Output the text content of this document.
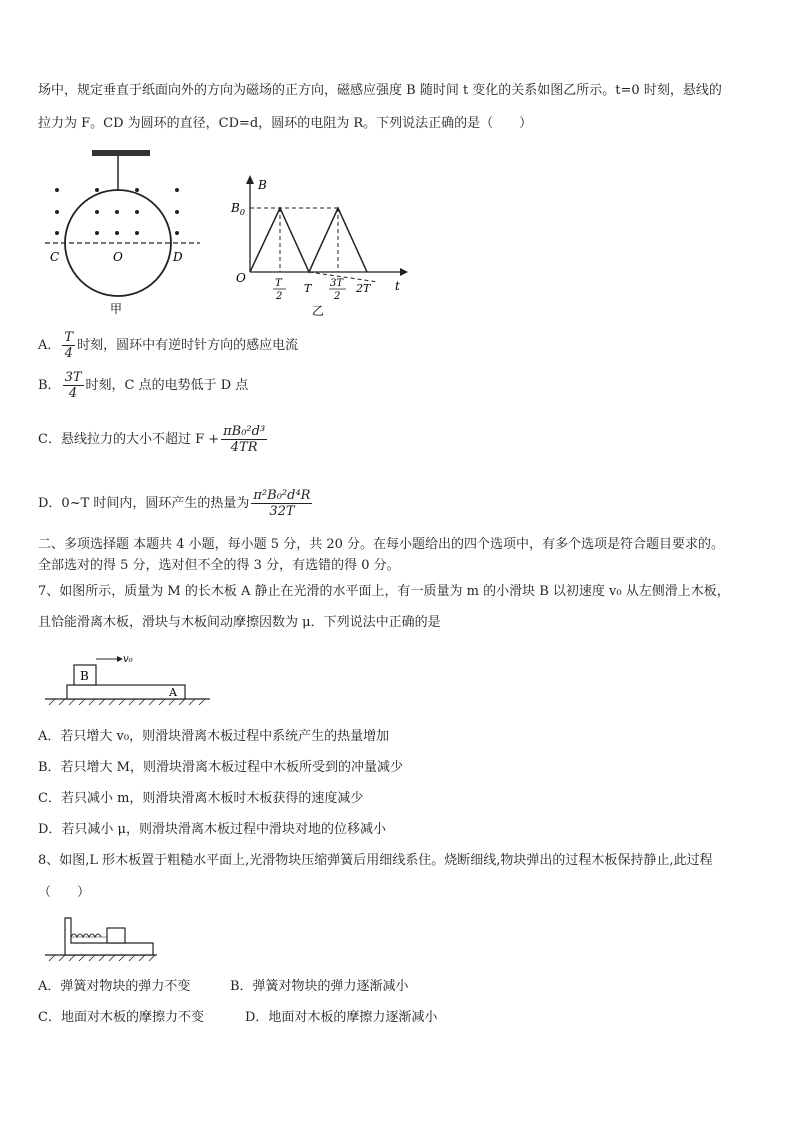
场中，规定垂直于纸面向外的方向为磁场的正方向，磁感应强度 B 随时间 t 变化的关系如图乙所示。t=0 时刻，悬线的
拉力为 F。CD 为圆环的直径，CD=d，圆环的电阻为 R。下列说法正确的是（　　）
C	O	D
甲
B
t
O
$B_0$
T
2
T 3T
2
2T
乙
A． $\frac{T}{4}$ 时刻，圆环中有逆时针方向的感应电流
B． $\frac{3T}{4}$ 时刻，C 点的电势低于 D 点
C．悬线拉力的大小不超过 $F + \frac{\text{πB₀²d³}}{4TR}$
D．0~T 时间内，圆环产生的热量为 $\frac{\text{π²B₀²d⁴R}}{32T}$
二、多项选择题 本题共 4 小题，每小题 5 分，共 20 分。在每小题给出的四个选项中，有多个选项是符合题目要求的。
全部选对的得 5 分，选对但不全的得 3 分，有选错的得 0 分。
7、如图所示，质量为 M 的长木板 A 静止在光滑的水平面上，有一质量为 m 的小滑块 B 以初速度 v₀ 从左侧滑上木板，
且恰能滑离木板，滑块与木板间动摩擦因数为 μ．下列说法中正确的是
B
A
v₀
A．若只增大 v₀，则滑块滑离木板过程中系统产生的热量增加
B．若只增大 M，则滑块滑离木板过程中木板所受到的冲量减少
C．若只减小 m，则滑块滑离木板时木板获得的速度减少
D．若只减小 μ，则滑块滑离木板过程中滑块对地的位移减小
8、如图,L 形木板置于粗糙水平面上,光滑物块压缩弹簧后用细线系住。烧断细线,物块弹出的过程木板保持静止,此过程
（　　）
A．弹簧对物块的弹力不变	B．弹簧对物块的弹力逐渐减小
C．地面对木板的摩擦力不变	D．地面对木板的摩擦力逐渐减小
